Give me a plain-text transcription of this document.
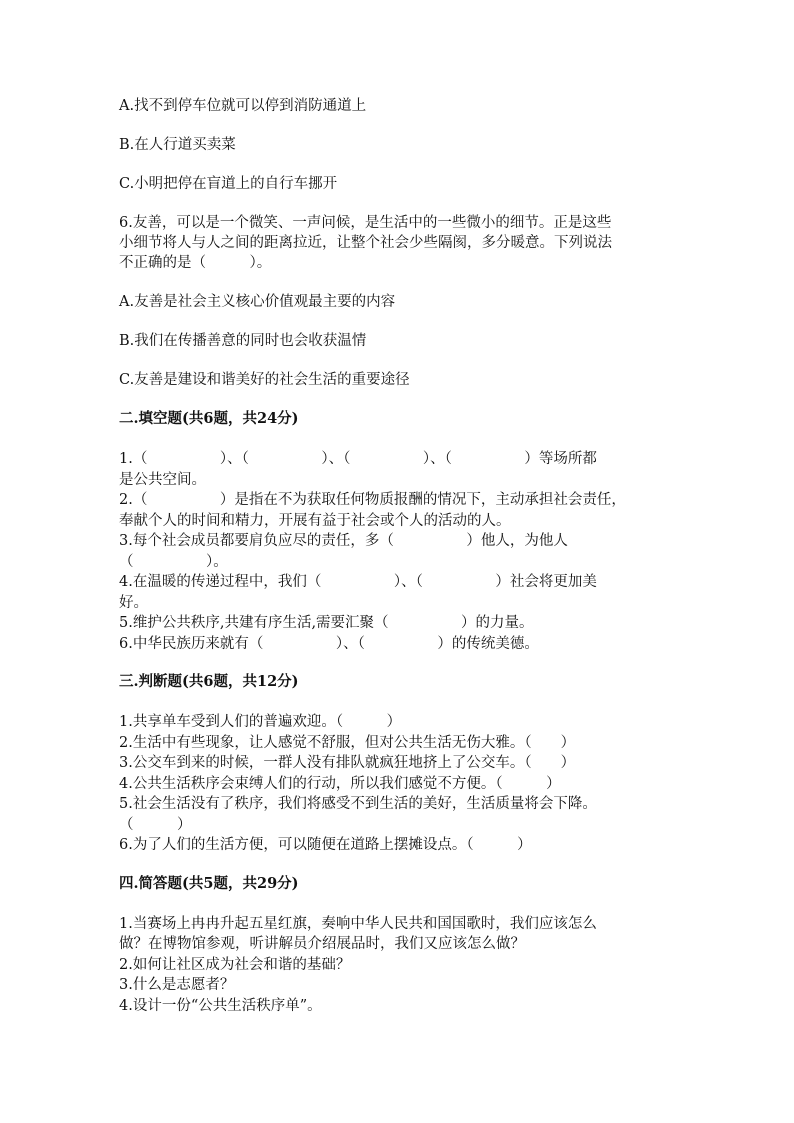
A.找不到停车位就可以停到消防通道上

B.在人行道买卖菜

C.小明把停在盲道上的自行车挪开

6.友善，可以是一个微笑、一声问候，是生活中的一些微小的细节。正是这些

小细节将人与人之间的距离拉近，让整个社会少些隔阂，多分暖意。下列说法

不正确的是（　　　）。

A.友善是社会主义核心价值观最主要的内容

B.我们在传播善意的同时也会收获温情

C.友善是建设和谐美好的社会生活的重要途径

二.填空题(共6题，共24分)

1.（　　　　　）、（　　　　　）、（　　　　　）、（　　　　　）等场所都

是公共空间。

2.（　　　　　）是指在不为获取任何物质报酬的情况下，主动承担社会责任，

奉献个人的时间和精力，开展有益于社会或个人的活动的人。

3.每个社会成员都要肩负应尽的责任，多（　　　　　）他人，为他人

（　　　　　）。

4.在温暖的传递过程中，我们（　　　　　）、（　　　　　）社会将更加美

好。

5.维护公共秩序,共建有序生活,需要汇聚（　　　　　）的力量。

6.中华民族历来就有（　　　　　）、（　　　　　）的传统美德。

三.判断题(共6题，共12分)

1.共享单车受到人们的普遍欢迎。（　　　）

2.生活中有些现象，让人感觉不舒服，但对公共生活无伤大雅。（　　）

3.公交车到来的时候，一群人没有排队就疯狂地挤上了公交车。（　　）

4.公共生活秩序会束缚人们的行动，所以我们感觉不方便。（　　　）

5.社会生活没有了秩序，我们将感受不到生活的美好，生活质量将会下降。

（　　　）

6.为了人们的生活方便，可以随便在道路上摆摊设点。（　　　）

四.简答题(共5题，共29分)

1.当赛场上冉冉升起五星红旗，奏响中华人民共和国国歌时，我们应该怎么

做？在博物馆参观，听讲解员介绍展品时，我们又应该怎么做？

2.如何让社区成为社会和谐的基础？

3.什么是志愿者？

4.设计一份“公共生活秩序单”。
